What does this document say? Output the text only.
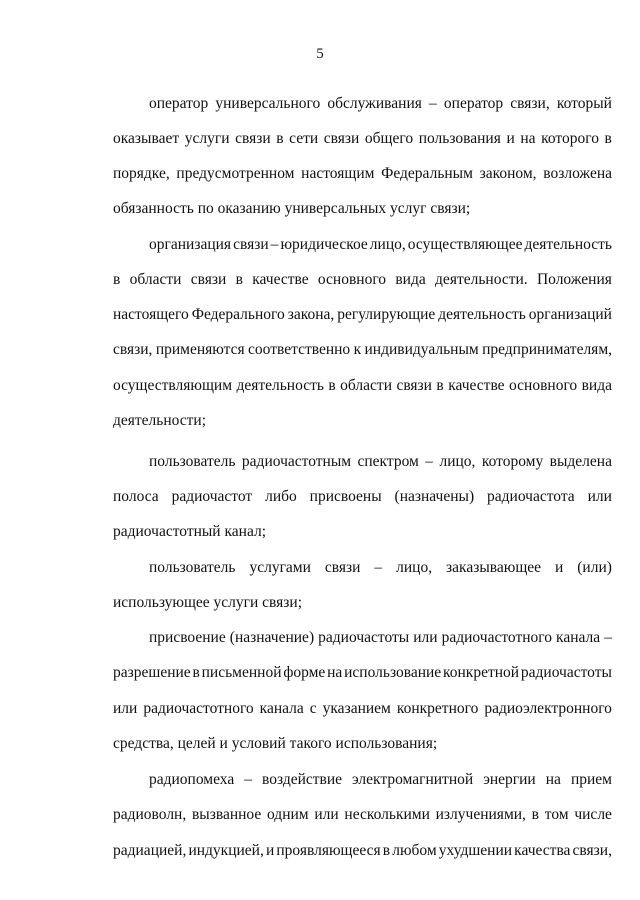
5
оператор универсального обслуживания – оператор связи, который
оказывает услуги связи в сети связи общего пользования и на которого в
порядке, предусмотренном настоящим Федеральным законом, возложена
обязанность по оказанию универсальных услуг связи;
организация связи – юридическое лицо, осуществляющее деятельность
в области связи в качестве основного вида деятельности. Положения
настоящего Федерального закона, регулирующие деятельность организаций
связи, применяются соответственно к индивидуальным предпринимателям,
осуществляющим деятельность в области связи в качестве основного вида
деятельности;
пользователь радиочастотным спектром – лицо, которому выделена
полоса радиочастот либо присвоены (назначены) радиочастота или
радиочастотный канал;
пользователь услугами связи – лицо, заказывающее и (или)
использующее услуги связи;
присвоение (назначение) радиочастоты или радиочастотного канала –
разрешение в письменной форме на использование конкретной радиочастоты
или радиочастотного канала с указанием конкретного радиоэлектронного
средства, целей и условий такого использования;
радиопомеха – воздействие электромагнитной энергии на прием
радиоволн, вызванное одним или несколькими излучениями, в том числе
радиацией, индукцией, и проявляющееся в любом ухудшении качества связи,
